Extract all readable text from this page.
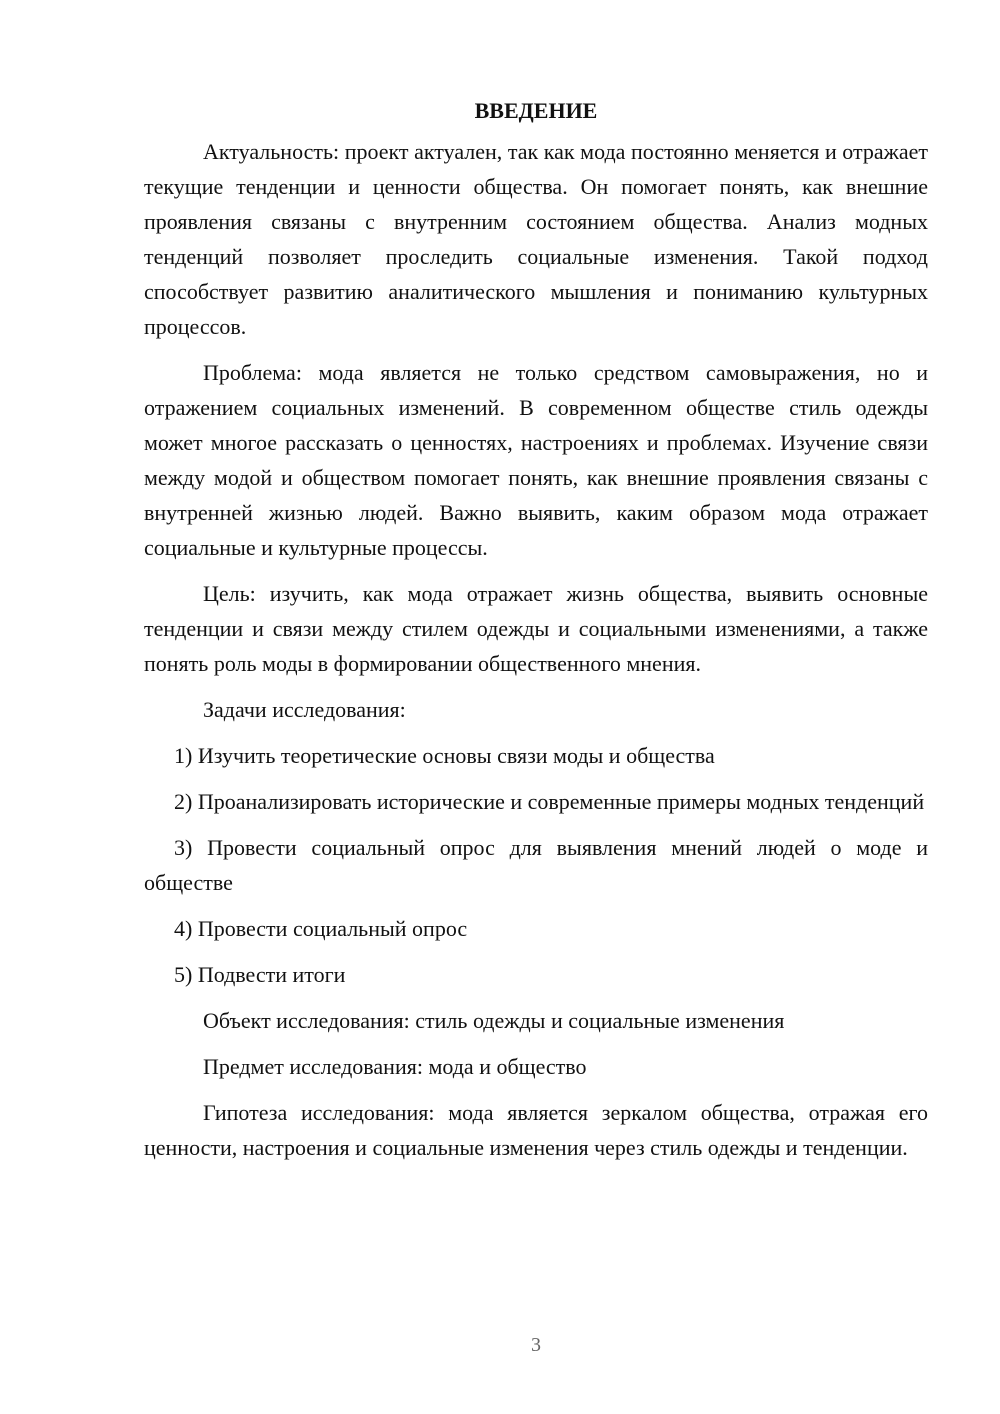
ВВЕДЕНИЕ

Актуальность: проект актуален, так как мода постоянно меняется и отражает текущие тенденции и ценности общества. Он помогает понять, как внешние проявления связаны с внутренним состоянием общества. Анализ модных тенденций позволяет проследить социальные изменения. Такой подход способствует развитию аналитического мышления и пониманию культурных процессов.

Проблема: мода является не только средством самовыражения, но и отражением социальных изменений. В современном обществе стиль одежды может многое рассказать о ценностях, настроениях и проблемах. Изучение связи между модой и обществом помогает понять, как внешние проявления связаны с внутренней жизнью людей. Важно выявить, каким образом мода отражает социальные и культурные процессы.

Цель: изучить, как мода отражает жизнь общества, выявить основные тенденции и связи между стилем одежды и социальными изменениями, а также понять роль моды в формировании общественного мнения.

Задачи исследования:

1) Изучить теоретические основы связи моды и общества

2) Проанализировать исторические и современные примеры модных тенденций

3) Провести социальный опрос для выявления мнений людей о моде и обществе

4) Провести социальный опрос

5) Подвести итоги

Объект исследования: стиль одежды и социальные изменения

Предмет исследования: мода и общество

Гипотеза исследования: мода является зеркалом общества, отражая его ценности, настроения и социальные изменения через стиль одежды и тенденции.

3
